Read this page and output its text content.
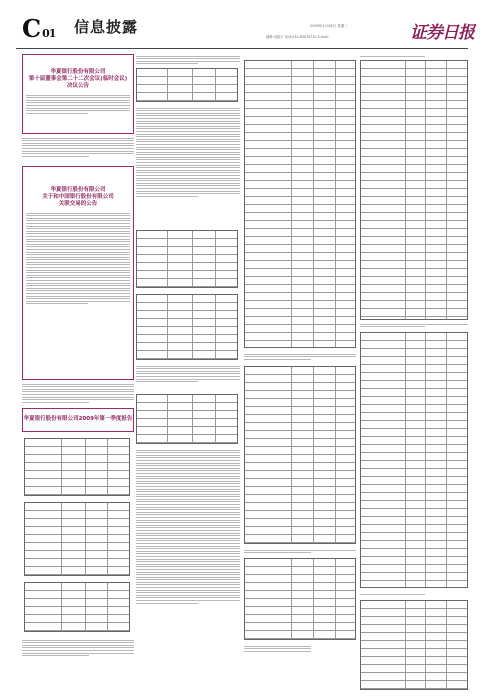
C 01 信息披露	2009年4月28日 星期二
编辑:吴振宇 电话:010-63070710 E-mail:	证券日报
华夏银行股份有限公司
第十届董事会第二十二次会议(临时会议)
决议公告
华夏银行股份有限公司
关于和中国银行股份有限公司
关联交易的公告
华夏银行股份有限公司2009年第一季度报告
